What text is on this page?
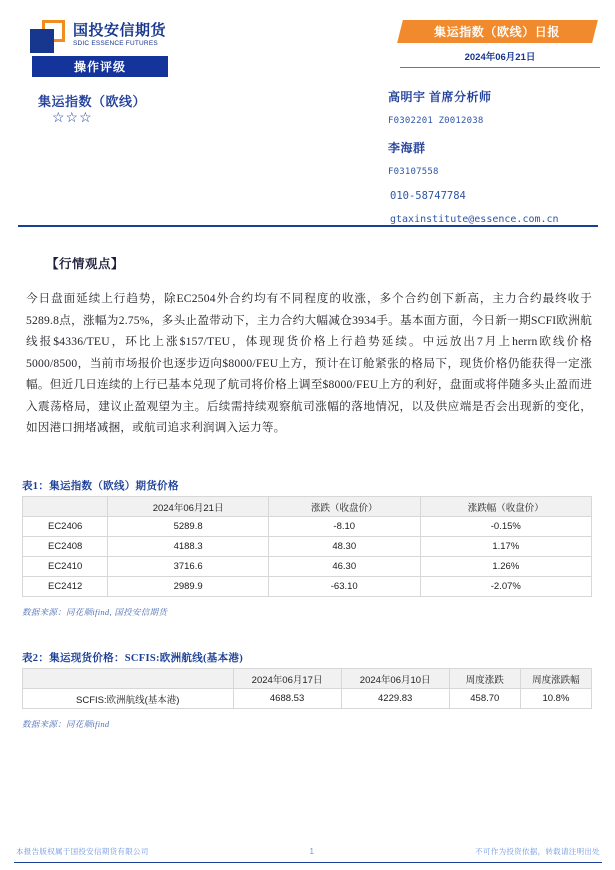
国投安信期货
SDIC ESSENCE FUTURES
操作评级
集运指数（欧线）
☆☆☆
集运指数（欧线）日报
2024年06月21日
高明宇 首席分析师
F0302201 Z0012038
李海群
F03107558
010-58747784
gtaxinstitute@essence.com.cn
【行情观点】
今日盘面延续上行趋势，除EC2504外合约均有不同程度的收涨，多个合约创下新高，主力合约最终收于5289.8点，涨幅为2.75%，多头止盈带动下，主力合约大幅减仓3934手。基本面方面，今日新一期SCFI欧洲航线报$4336/TEU，环比上涨$157/TEU，体现现货价格上行趋势延续。中远放出7月上herrn欧线价格5000/8500，当前市场报价也逐步迈向$8000/FEU上方，预计在订舱紧张的格局下，现货价格仍能获得一定涨幅。但近几日连续的上行已基本兑现了航司将价格上调至$8000/FEU上方的利好，盘面或将伴随多头止盈而进入震荡格局，建议止盈观望为主。后续需持续观察航司涨幅的落地情况，以及供应端是否会出现新的变化，如因港口拥堵减捆，或航司追求利润调入运力等。
表1：集运指数（欧线）期货价格
	2024年06月21日	涨跌（收盘价）	涨跌幅（收盘价）
EC2406	5289.8	-8.10	-0.15%
EC2408	4188.3	48.30	1.17%
EC2410	3716.6	46.30	1.26%
EC2412	2989.9	-63.10	-2.07%
数据来源：同花顺ifind, 国投安信期货
表2：集运现货价格：SCFIS:欧洲航线(基本港)
	2024年06月17日	2024年06月10日	周度涨跌	周度涨跌幅
SCFIS:欧洲航线(基本港)	4688.53	4229.83	458.70	10.8%
数据来源：同花顺ifind
本报告版权属于国投安信期货有限公司	1	不可作为投资依据，转载请注明出处
